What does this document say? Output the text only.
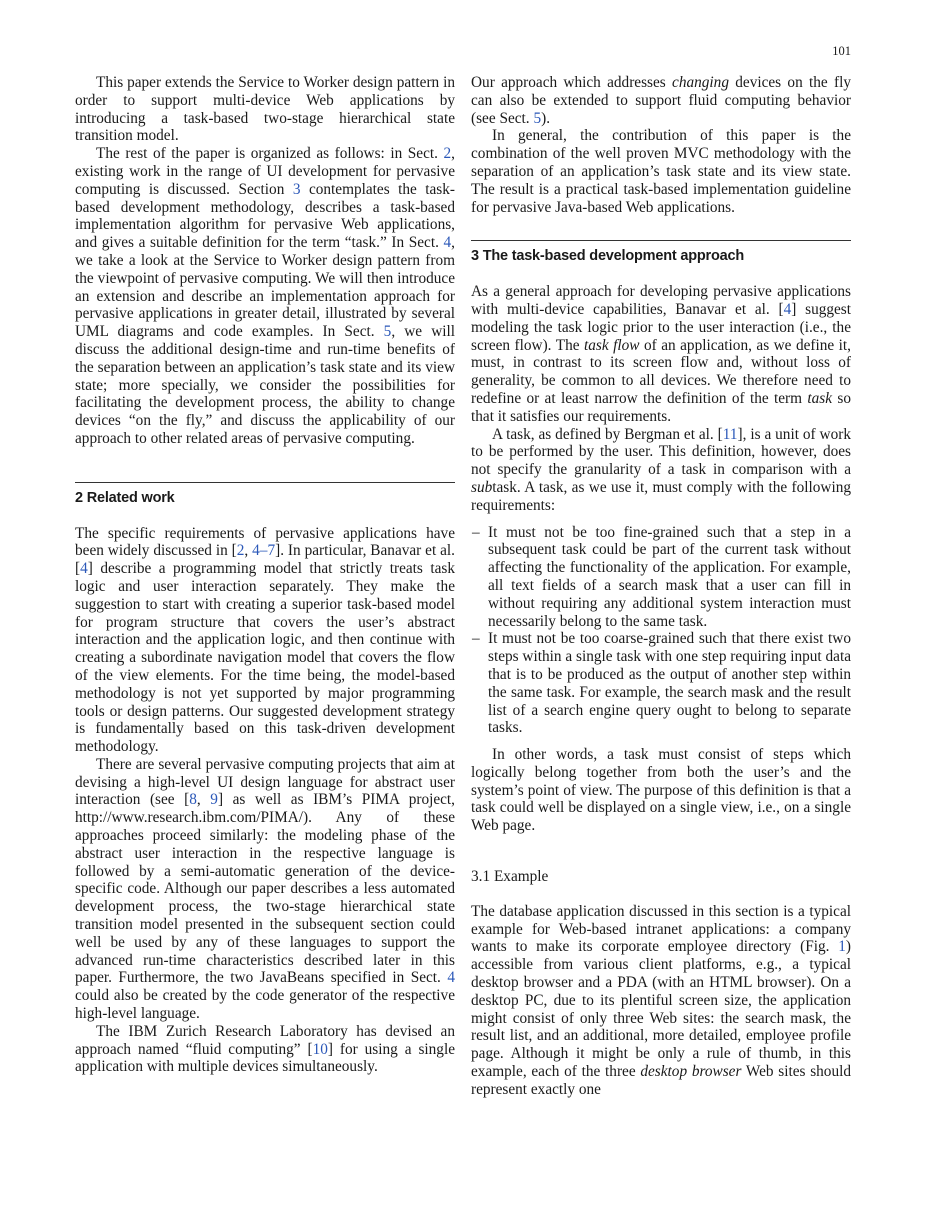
101

This paper extends the Service to Worker design pattern in order to support multi-device Web applications by introducing a task-based two-stage hierarchical state transition model.

The rest of the paper is organized as follows: in Sect. 2, existing work in the range of UI development for pervasive computing is discussed. Section 3 contemplates the task-based development methodology, describes a task-based implementation algorithm for pervasive Web applications, and gives a suitable definition for the term “task.” In Sect. 4, we take a look at the Service to Worker design pattern from the viewpoint of pervasive computing. We will then introduce an extension and describe an implementation approach for pervasive applications in greater detail, illustrated by several UML diagrams and code examples. In Sect. 5, we will discuss the additional design-time and run-time benefits of the separation between an application’s task state and its view state; more specially, we consider the possibilities for facilitating the development process, the ability to change devices “on the fly,” and discuss the applicability of our approach to other related areas of pervasive computing.

2 Related work

The specific requirements of pervasive applications have been widely discussed in [2, 4–7]. In particular, Banavar et al. [4] describe a programming model that strictly treats task logic and user interaction separately. They make the suggestion to start with creating a superior task-based model for program structure that covers the user’s abstract interaction and the application logic, and then continue with creating a subordinate navigation model that covers the flow of the view elements. For the time being, the model-based methodology is not yet supported by major programming tools or design patterns. Our suggested development strategy is fundamentally based on this task-driven development methodology.

There are several pervasive computing projects that aim at devising a high-level UI design language for abstract user interaction (see [8, 9] as well as IBM’s PIMA project, http://www.research.ibm.com/PIMA/). Any of these approaches proceed similarly: the modeling phase of the abstract user interaction in the respective language is followed by a semi-automatic generation of the device-specific code. Although our paper describes a less automated development process, the two-stage hierarchical state transition model presented in the subsequent section could well be used by any of these languages to support the advanced run-time characteristics described later in this paper. Furthermore, the two JavaBeans specified in Sect. 4 could also be created by the code generator of the respective high-level language.

The IBM Zurich Research Laboratory has devised an approach named “fluid computing” [10] for using a single application with multiple devices simultaneously.

Our approach which addresses changing devices on the fly can also be extended to support fluid computing behavior (see Sect. 5).

In general, the contribution of this paper is the combination of the well proven MVC methodology with the separation of an application’s task state and its view state. The result is a practical task-based implementation guideline for pervasive Java-based Web applications.

3 The task-based development approach

As a general approach for developing pervasive applications with multi-device capabilities, Banavar et al. [4] suggest modeling the task logic prior to the user interaction (i.e., the screen flow). The task flow of an application, as we define it, must, in contrast to its screen flow and, without loss of generality, be common to all devices. We therefore need to redefine or at least narrow the definition of the term task so that it satisfies our requirements.

A task, as defined by Bergman et al. [11], is a unit of work to be performed by the user. This definition, however, does not specify the granularity of a task in comparison with a subtask. A task, as we use it, must comply with the following requirements:

– It must not be too fine-grained such that a step in a subsequent task could be part of the current task without affecting the functionality of the application. For example, all text fields of a search mask that a user can fill in without requiring any additional system interaction must necessarily belong to the same task.
– It must not be too coarse-grained such that there exist two steps within a single task with one step requiring input data that is to be produced as the output of another step within the same task. For example, the search mask and the result list of a search engine query ought to belong to separate tasks.

In other words, a task must consist of steps which logically belong together from both the user’s and the system’s point of view. The purpose of this definition is that a task could well be displayed on a single view, i.e., on a single Web page.

3.1 Example

The database application discussed in this section is a typical example for Web-based intranet applications: a company wants to make its corporate employee directory (Fig. 1) accessible from various client platforms, e.g., a typical desktop browser and a PDA (with an HTML browser). On a desktop PC, due to its plentiful screen size, the application might consist of only three Web sites: the search mask, the result list, and an additional, more detailed, employee profile page. Although it might be only a rule of thumb, in this example, each of the three desktop browser Web sites should represent exactly one
